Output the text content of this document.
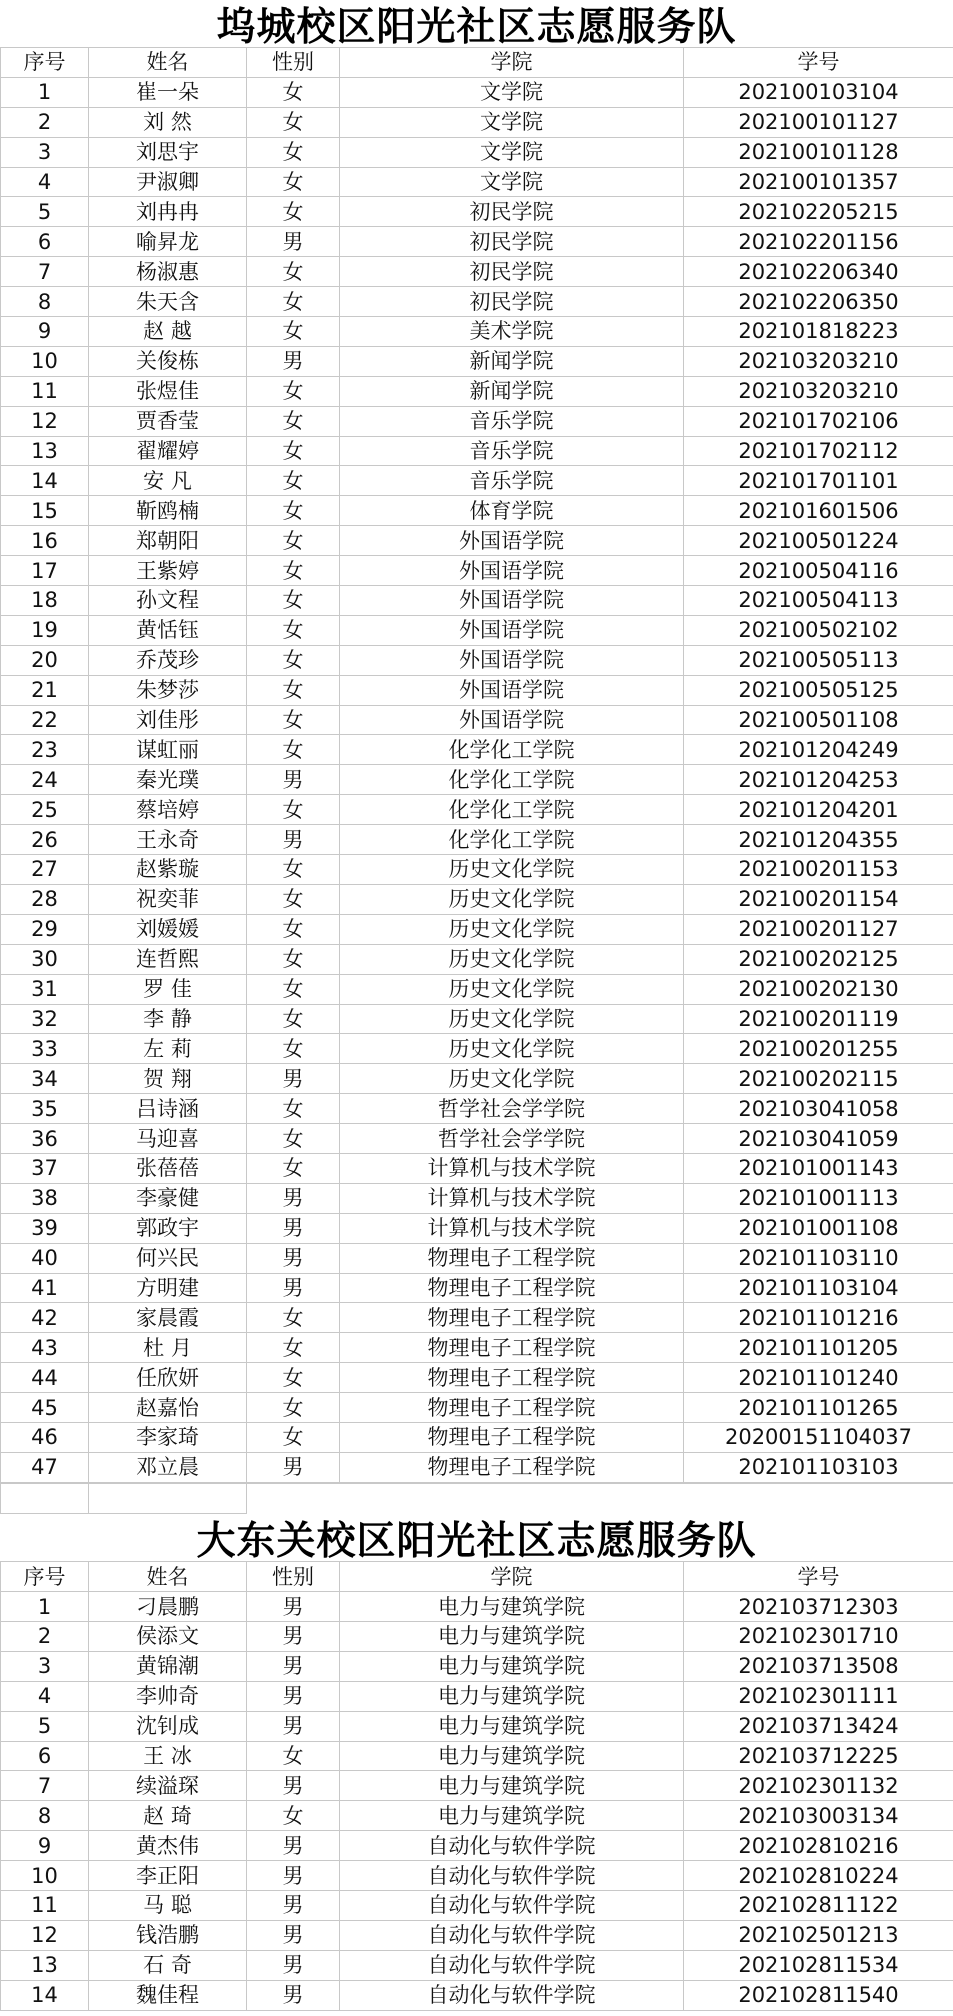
坞城校区阳光社区志愿服务队
序号	姓名	性别	学院	学号
1	崔一朵	女	文学院	202100103104
2	刘 然	女	文学院	202100101127
3	刘思宇	女	文学院	202100101128
4	尹淑卿	女	文学院	202100101357
5	刘冉冉	女	初民学院	202102205215
6	喻昇龙	男	初民学院	202102201156
7	杨淑惠	女	初民学院	202102206340
8	朱天含	女	初民学院	202102206350
9	赵 越	女	美术学院	202101818223
10	关俊栋	男	新闻学院	202103203210
11	张煜佳	女	新闻学院	202103203210
12	贾香莹	女	音乐学院	202101702106
13	翟耀婷	女	音乐学院	202101702112
14	安 凡	女	音乐学院	202101701101
15	靳鸥楠	女	体育学院	202101601506
16	郑朝阳	女	外国语学院	202100501224
17	王紫婷	女	外国语学院	202100504116
18	孙文程	女	外国语学院	202100504113
19	黄恬钰	女	外国语学院	202100502102
20	乔茂珍	女	外国语学院	202100505113
21	朱梦莎	女	外国语学院	202100505125
22	刘佳彤	女	外国语学院	202100501108
23	谋虹丽	女	化学化工学院	202101204249
24	秦光璞	男	化学化工学院	202101204253
25	蔡培婷	女	化学化工学院	202101204201
26	王永奇	男	化学化工学院	202101204355
27	赵紫璇	女	历史文化学院	202100201153
28	祝奕菲	女	历史文化学院	202100201154
29	刘媛媛	女	历史文化学院	202100201127
30	连哲熙	女	历史文化学院	202100202125
31	罗 佳	女	历史文化学院	202100202130
32	李 静	女	历史文化学院	202100201119
33	左 莉	女	历史文化学院	202100201255
34	贺 翔	男	历史文化学院	202100202115
35	吕诗涵	女	哲学社会学学院	202103041058
36	马迎喜	女	哲学社会学学院	202103041059
37	张蓓蓓	女	计算机与技术学院	202101001143
38	李豪健	男	计算机与技术学院	202101001113
39	郭政宇	男	计算机与技术学院	202101001108
40	何兴民	男	物理电子工程学院	202101103110
41	方明建	男	物理电子工程学院	202101103104
42	家晨霞	女	物理电子工程学院	202101101216
43	杜 月	女	物理电子工程学院	202101101205
44	任欣妍	女	物理电子工程学院	202101101240
45	赵嘉怡	女	物理电子工程学院	202101101265
46	李家琦	女	物理电子工程学院	20200151104037
47	邓立晨	男	物理电子工程学院	202101103103

大东关校区阳光社区志愿服务队
序号	姓名	性别	学院	学号
1	刁晨鹏	男	电力与建筑学院	202103712303
2	侯添文	男	电力与建筑学院	202102301710
3	黄锦潮	男	电力与建筑学院	202103713508
4	李帅奇	男	电力与建筑学院	202102301111
5	沈钊成	男	电力与建筑学院	202103713424
6	王 冰	女	电力与建筑学院	202103712225
7	续溢琛	男	电力与建筑学院	202102301132
8	赵 琦	女	电力与建筑学院	202103003134
9	黄杰伟	男	自动化与软件学院	202102810216
10	李正阳	男	自动化与软件学院	202102810224
11	马 聪	男	自动化与软件学院	202102811122
12	钱浩鹏	男	自动化与软件学院	202102501213
13	石 奇	男	自动化与软件学院	202102811534
14	魏佳程	男	自动化与软件学院	202102811540
